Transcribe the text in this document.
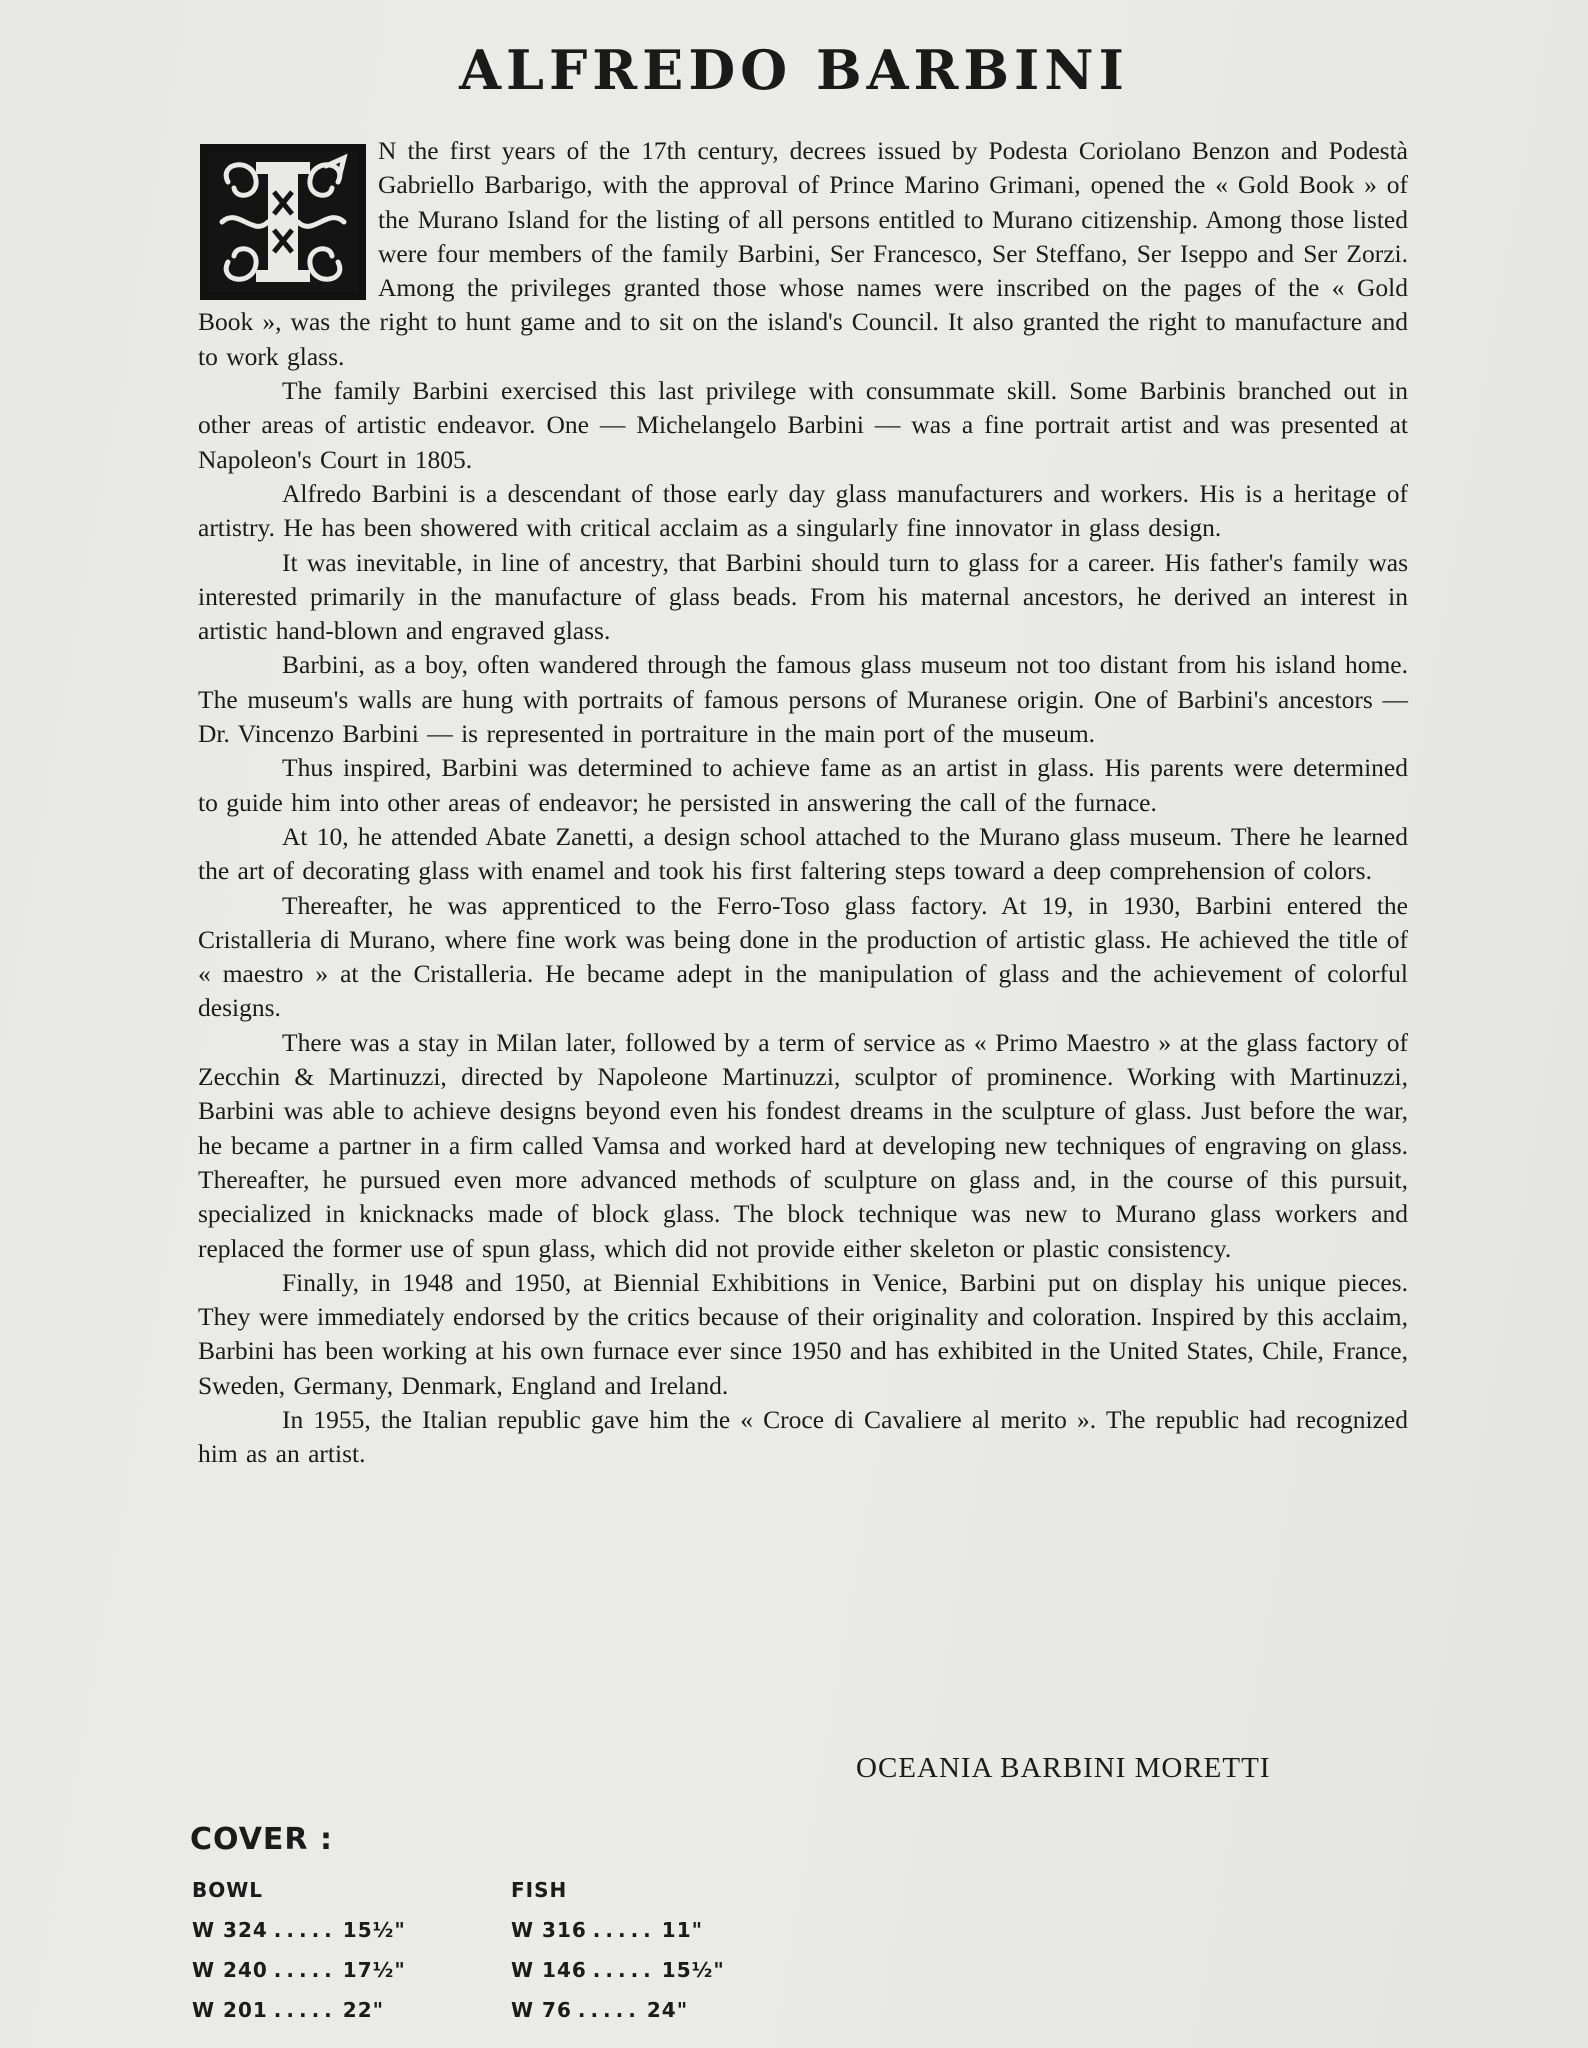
ALFREDO BARBINI

N the first years of the 17th century, decrees issued by Podesta Coriolano Benzon and Podestà Gabriello Barbarigo, with the approval of Prince Marino Grimani, opened the « Gold Book » of the Murano Island for the listing of all persons entitled to Murano citizenship. Among those listed were four members of the family Barbini, Ser Francesco, Ser Steffano, Ser Iseppo and Ser Zorzi. Among the privileges granted those whose names were inscribed on the pages of the « Gold Book », was the right to hunt game and to sit on the island's Council. It also granted the right to manufacture and to work glass.

The family Barbini exercised this last privilege with consummate skill. Some Barbinis branched out in other areas of artistic endeavor. One — Michelangelo Barbini — was a fine portrait artist and was presented at Napoleon's Court in 1805.

Alfredo Barbini is a descendant of those early day glass manufacturers and workers. His is a heritage of artistry. He has been showered with critical acclaim as a singularly fine innovator in glass design.

It was inevitable, in line of ancestry, that Barbini should turn to glass for a career. His father's family was interested primarily in the manufacture of glass beads. From his maternal ancestors, he derived an interest in artistic hand-blown and engraved glass.

Barbini, as a boy, often wandered through the famous glass museum not too distant from his island home. The museum's walls are hung with portraits of famous persons of Muranese origin. One of Barbini's ancestors — Dr. Vincenzo Barbini — is represented in portraiture in the main port of the museum.

Thus inspired, Barbini was determined to achieve fame as an artist in glass. His parents were determined to guide him into other areas of endeavor; he persisted in answering the call of the furnace.

At 10, he attended Abate Zanetti, a design school attached to the Murano glass museum. There he learned the art of decorating glass with enamel and took his first faltering steps toward a deep comprehension of colors.

Thereafter, he was apprenticed to the Ferro-Toso glass factory. At 19, in 1930, Barbini entered the Cristalleria di Murano, where fine work was being done in the production of artistic glass. He achieved the title of « maestro » at the Cristalleria. He became adept in the manipulation of glass and the achievement of colorful designs.

There was a stay in Milan later, followed by a term of service as « Primo Maestro » at the glass factory of Zecchin & Martinuzzi, directed by Napoleone Martinuzzi, sculptor of prominence. Working with Martinuzzi, Barbini was able to achieve designs beyond even his fondest dreams in the sculpture of glass. Just before the war, he became a partner in a firm called Vamsa and worked hard at developing new techniques of engraving on glass. Thereafter, he pursued even more advanced methods of sculpture on glass and, in the course of this pursuit, specialized in knicknacks made of block glass. The block technique was new to Murano glass workers and replaced the former use of spun glass, which did not provide either skeleton or plastic consistency.

Finally, in 1948 and 1950, at Biennial Exhibitions in Venice, Barbini put on display his unique pieces. They were immediately endorsed by the critics because of their originality and coloration. Inspired by this acclaim, Barbini has been working at his own furnace ever since 1950 and has exhibited in the United States, Chile, France, Sweden, Germany, Denmark, England and Ireland.

In 1955, the Italian republic gave him the « Croce di Cavaliere al merito ». The republic had recognized him as an artist.

OCEANIA BARBINI MORETTI
COVER :
BOWL
W 324 ..... 15½"
W 240 ..... 17½"
W 201 ..... 22"
FISH
W 316 ..... 11"
W 146 ..... 15½"
W 76 ..... 24"
